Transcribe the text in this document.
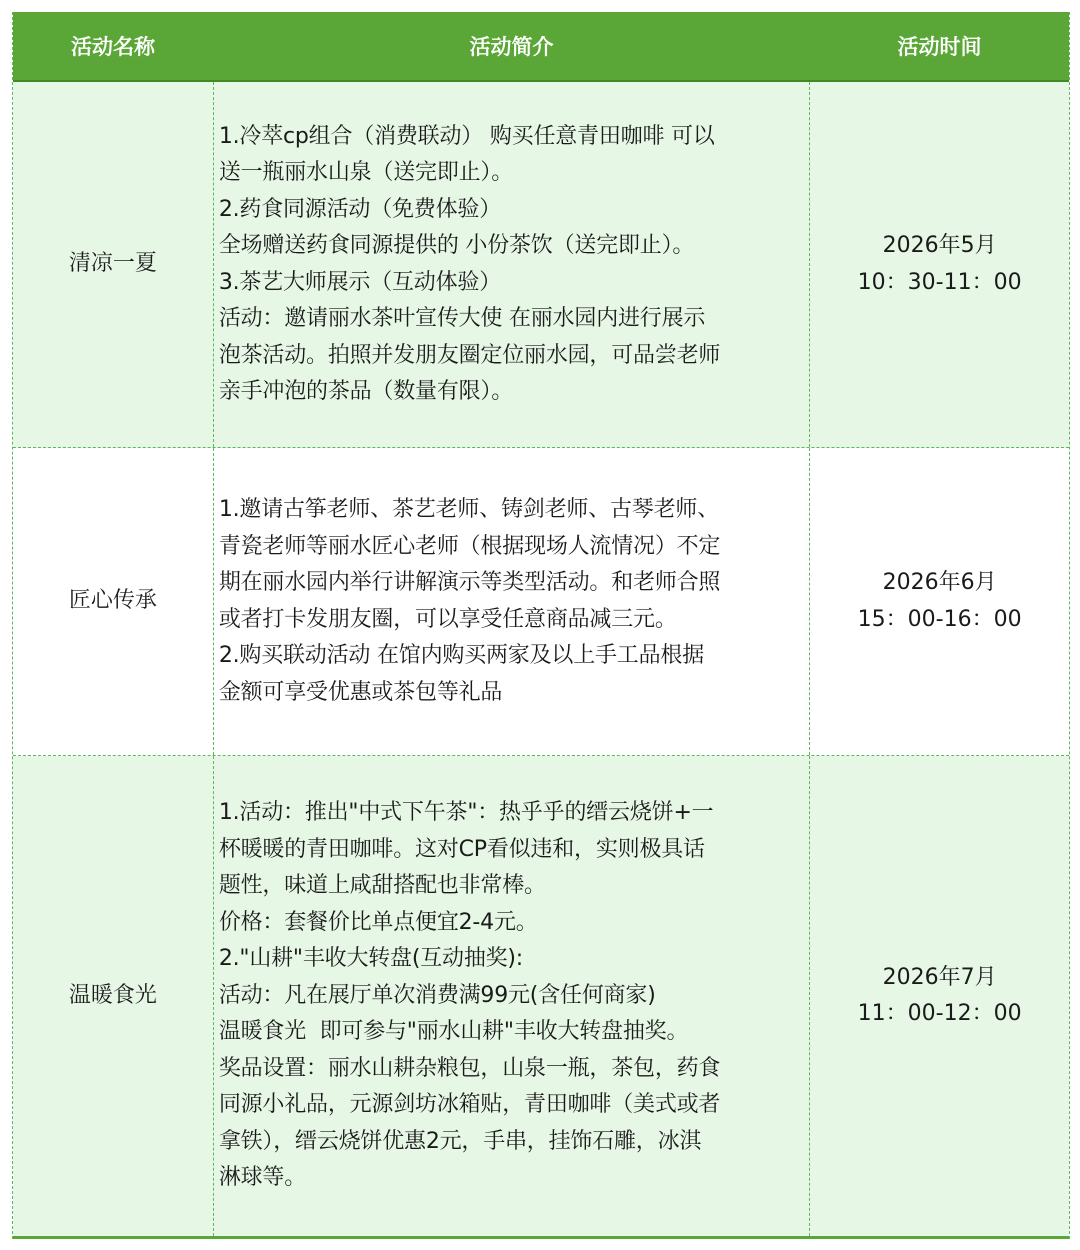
活动名称	活动简介	活动时间
清凉一夏
1.冷萃cp组合（消费联动） 购买任意青田咖啡 可以
送一瓶丽水山泉（送完即止）。
2.药食同源活动（免费体验）
全场赠送药食同源提供的 小份茶饮（送完即止）。
3.茶艺大师展示（互动体验）
活动：邀请丽水茶叶宣传大使 在丽水园内进行展示
泡茶活动。拍照并发朋友圈定位丽水园，可品尝老师
亲手冲泡的茶品（数量有限）。
2026年5月
10：30-11：00
匠心传承
1.邀请古筝老师、茶艺老师、铸剑老师、古琴老师、
青瓷老师等丽水匠心老师（根据现场人流情况）不定
期在丽水园内举行讲解演示等类型活动。和老师合照
或者打卡发朋友圈，可以享受任意商品减三元。
2.购买联动活动 在馆内购买两家及以上手工品根据
金额可享受优惠或茶包等礼品
2026年6月
15：00-16：00
温暖食光
1.活动：推出"中式下午茶"：热乎乎的缙云烧饼+一
杯暖暖的青田咖啡。这对CP看似违和，实则极具话
题性，味道上咸甜搭配也非常棒。
价格：套餐价比单点便宜2-4元。
2."山耕"丰收大转盘(互动抽奖):
活动：凡在展厅单次消费满99元(含任何商家)
温暖食光  即可参与"丽水山耕"丰收大转盘抽奖。
奖品设置：丽水山耕杂粮包，山泉一瓶，茶包，药食
同源小礼品，元源剑坊冰箱贴，青田咖啡（美式或者
拿铁），缙云烧饼优惠2元，手串，挂饰石雕，冰淇
淋球等。
2026年7月
11：00-12：00
